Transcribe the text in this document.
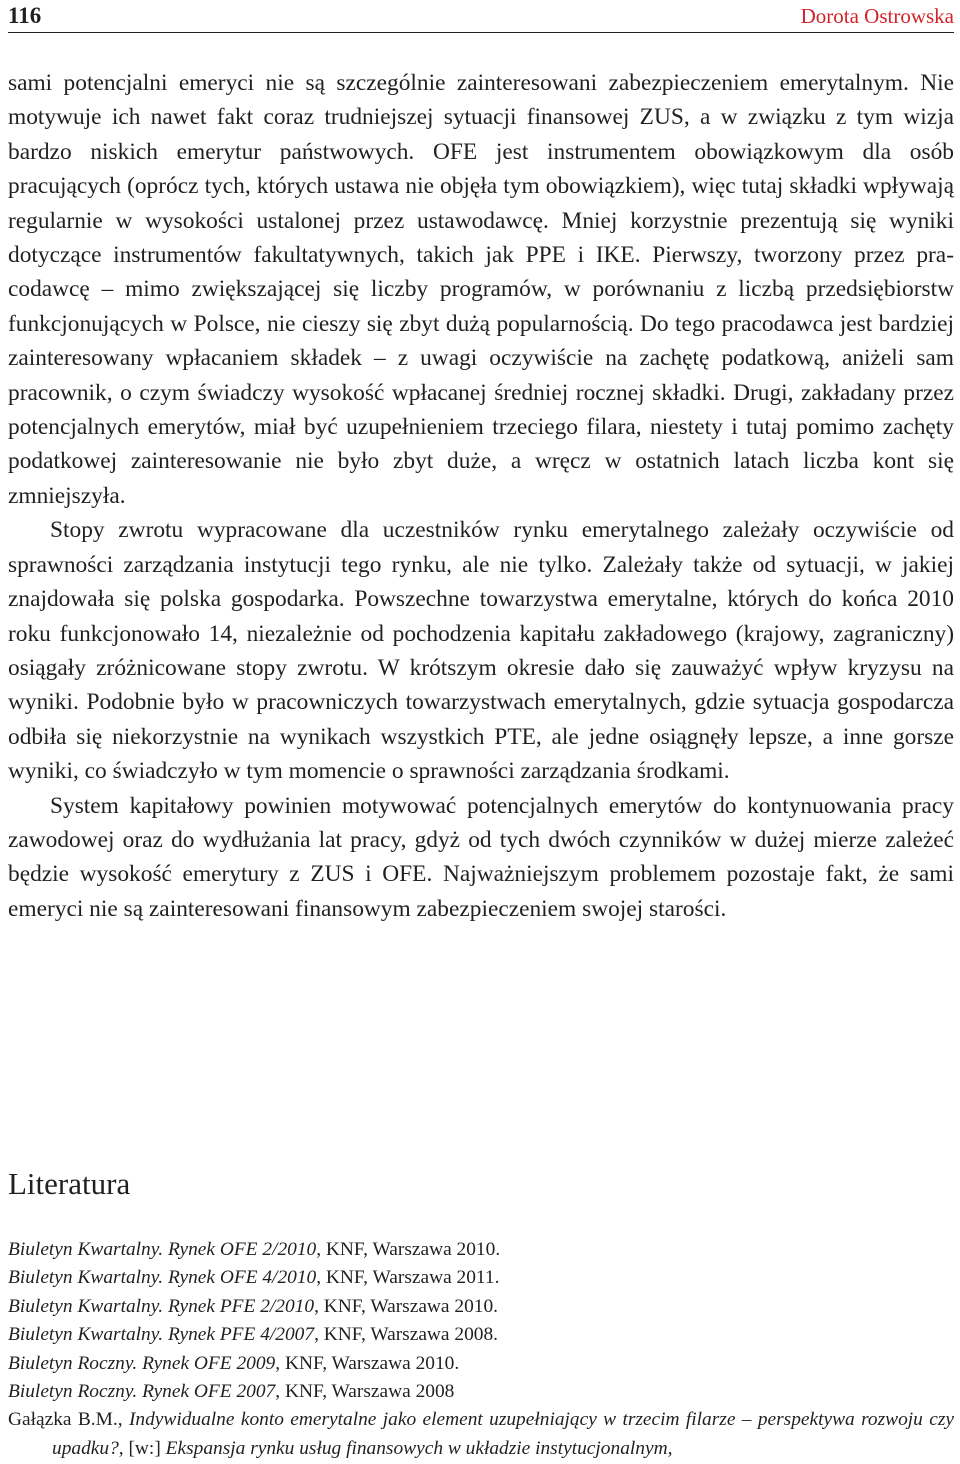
116	Dorota Ostrowska

sami potencjalni emeryci nie są szczególnie zainteresowani zabezpieczeniem emerytalnym. Nie motywuje ich nawet fakt coraz trudniejszej sytuacji finansowej ZUS, a w związku z tym wizja bardzo niskich emerytur państwowych. OFE jest instrumentem obowiązkowym dla osób pracujących (oprócz tych, których ustawa nie objęła tym obowiązkiem), więc tutaj składki wpływają regularnie w wysokości ustalonej przez ustawodawcę. Mniej korzystnie prezentują się wyniki dotyczące instrumentów fakultatywnych, takich jak PPE i IKE. Pierwszy, tworzony przez pracodawcę – mimo zwiększającej się liczby programów, w porównaniu z liczbą przedsiębiorstw funkcjonujących w Polsce, nie cieszy się zbyt dużą popularnością. Do tego pracodawca jest bardziej zainteresowany wpłacaniem składek – z uwagi oczywiście na zachętę podatkową, aniżeli sam pracownik, o czym świadczy wysokość wpłacanej średniej rocznej składki. Drugi, zakładany przez potencjalnych emerytów, miał być uzupełnieniem trzeciego filara, niestety i tutaj pomimo zachęty podatkowej zainteresowanie nie było zbyt duże, a wręcz w ostatnich latach liczba kont się zmniejszyła.

Stopy zwrotu wypracowane dla uczestników rynku emerytalnego zależały oczywiście od sprawności zarządzania instytucji tego rynku, ale nie tylko. Zależały także od sytuacji, w jakiej znajdowała się polska gospodarka. Powszechne towarzystwa emerytalne, których do końca 2010 roku funkcjonowało 14, niezależnie od pochodzenia kapitału zakładowego (krajowy, zagraniczny) osiągały zróżnicowane stopy zwrotu. W krótszym okresie dało się zauważyć wpływ kryzysu na wyniki. Podobnie było w pracowniczych towarzystwach emerytalnych, gdzie sytuacja gospodarcza odbiła się niekorzystnie na wynikach wszystkich PTE, ale jedne osiągnęły lepsze, a inne gorsze wyniki, co świadczyło w tym momencie o sprawności zarządzania środkami.

System kapitałowy powinien motywować potencjalnych emerytów do kontynuowania pracy zawodowej oraz do wydłużania lat pracy, gdyż od tych dwóch czynników w dużej mierze zależeć będzie wysokość emerytury z ZUS i OFE. Najważniejszym problemem pozostaje fakt, że sami emeryci nie są zainteresowani finansowym zabezpieczeniem swojej starości.

Literatura

Biuletyn Kwartalny. Rynek OFE 2/2010, KNF, Warszawa 2010.

Biuletyn Kwartalny. Rynek OFE 4/2010, KNF, Warszawa 2011.

Biuletyn Kwartalny. Rynek PFE 2/2010, KNF, Warszawa 2010.

Biuletyn Kwartalny. Rynek PFE 4/2007, KNF, Warszawa 2008.

Biuletyn Roczny. Rynek OFE 2009, KNF, Warszawa 2010.

Biuletyn Roczny. Rynek OFE 2007, KNF, Warszawa 2008

Gałązka B.M., Indywidualne konto emerytalne jako element uzupełniający w trzecim filarze – perspektywa rozwoju czy upadku?, [w:] Ekspansja rynku usług finansowych w układzie instytucjonalnym,
